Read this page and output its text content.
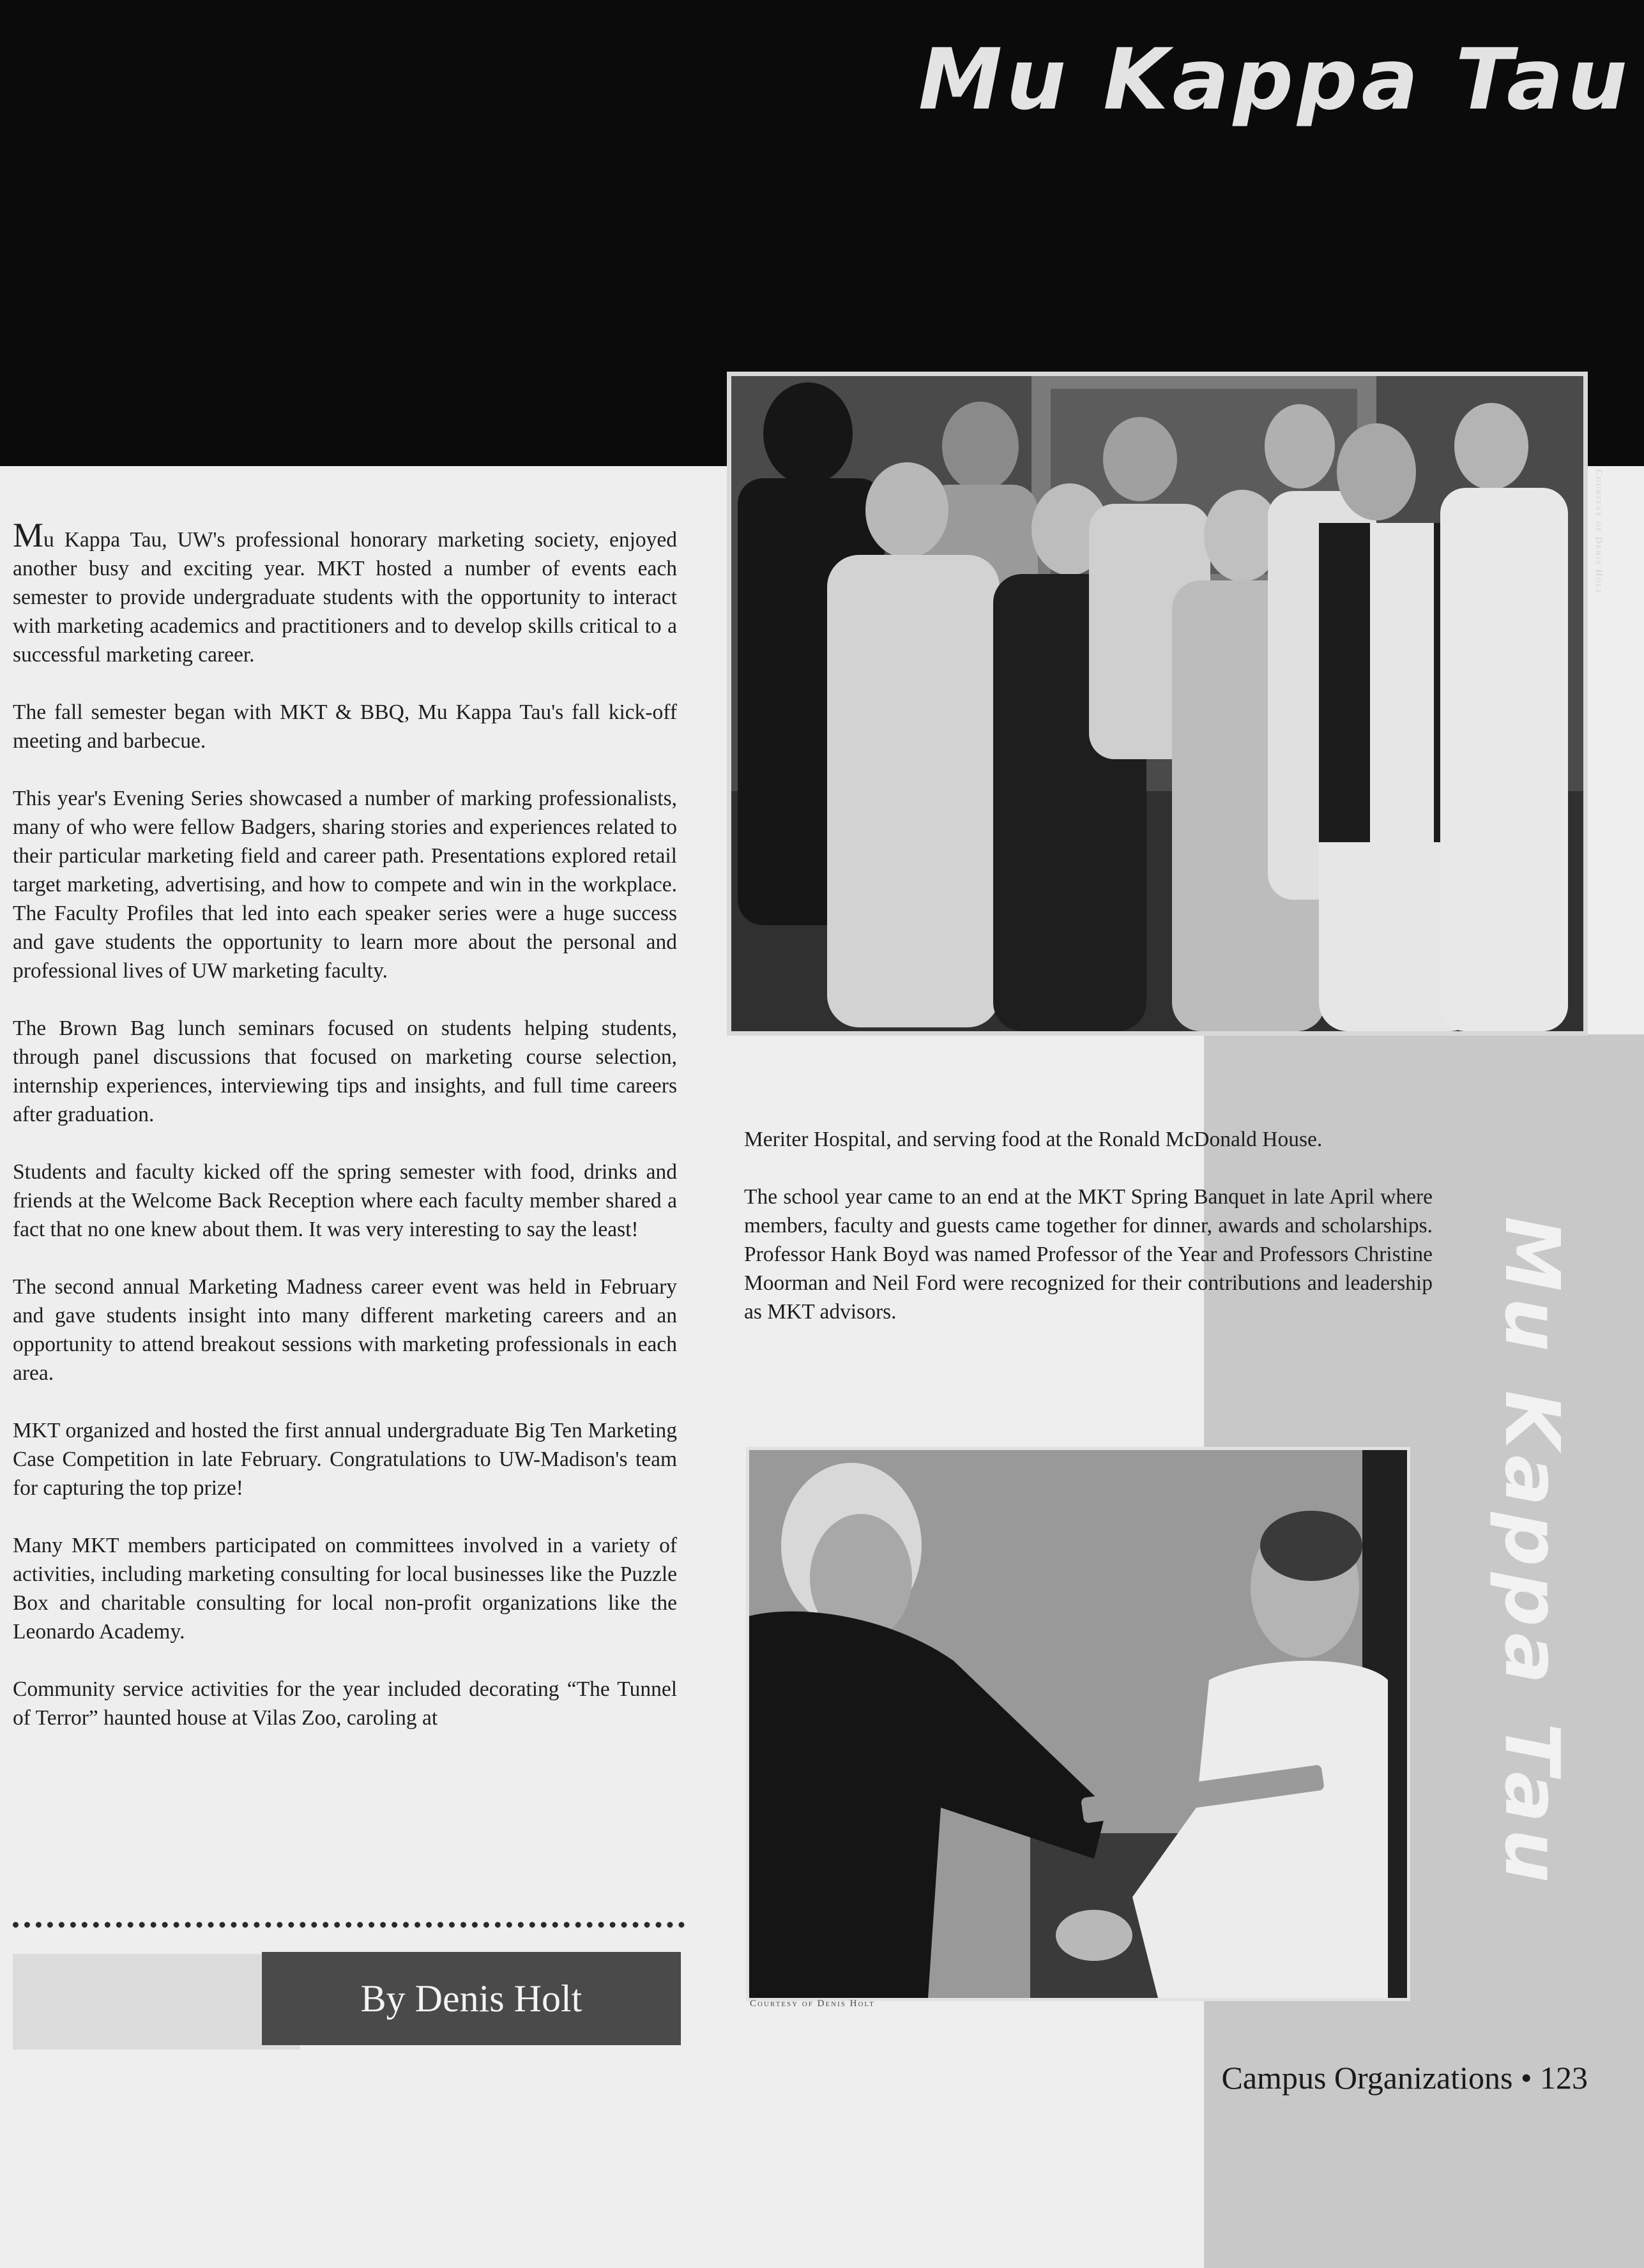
Mu Kappa Tau
Mu Kappa Tau
Courtesy of Denis Holt

Mu Kappa Tau, UW's professional honorary marketing society, enjoyed another busy and exciting year. MKT hosted a number of events each semester to provide undergraduate students with the opportunity to interact with marketing academics and practitioners and to develop skills critical to a successful marketing career.

The fall semester began with MKT & BBQ, Mu Kappa Tau's fall kick-off meeting and barbecue.

This year's Evening Series showcased a number of marking professionalists, many of who were fellow Badgers, sharing stories and experiences related to their particular marketing field and career path. Presentations explored retail target marketing, advertising, and how to compete and win in the workplace. The Faculty Profiles that led into each speaker series were a huge success and gave students the opportunity to learn more about the personal and professional lives of UW marketing faculty.

The Brown Bag lunch seminars focused on students helping students, through panel discussions that focused on marketing course selection, internship experiences, interviewing tips and insights, and full time careers after graduation.

Students and faculty kicked off the spring semester with food, drinks and friends at the Welcome Back Reception where each faculty member shared a fact that no one knew about them. It was very interesting to say the least!

The second annual Marketing Madness career event was held in February and gave students insight into many different marketing careers and an opportunity to attend breakout sessions with marketing professionals in each area.

MKT organized and hosted the first annual undergraduate Big Ten Marketing Case Competition in late February. Congratulations to UW-Madison's team for capturing the top prize!

Many MKT members participated on committees involved in a variety of activities, including marketing consulting for local businesses like the Puzzle Box and charitable consulting for local non-profit organizations like the Leonardo Academy.

Community service activities for the year included decorating “The Tunnel of Terror” haunted house at Vilas Zoo, caroling at

Meriter Hospital, and serving food at the Ronald McDonald House.

The school year came to an end at the MKT Spring Banquet in late April where members, faculty and guests came together for dinner, awards and scholarships. Professor Hank Boyd was named Professor of the Year and Professors Christine Moorman and Neil Ford were recognized for their contributions and leadership as MKT advisors.

Courtesy of Denis Holt
By Denis Holt
Campus Organizations • 123
